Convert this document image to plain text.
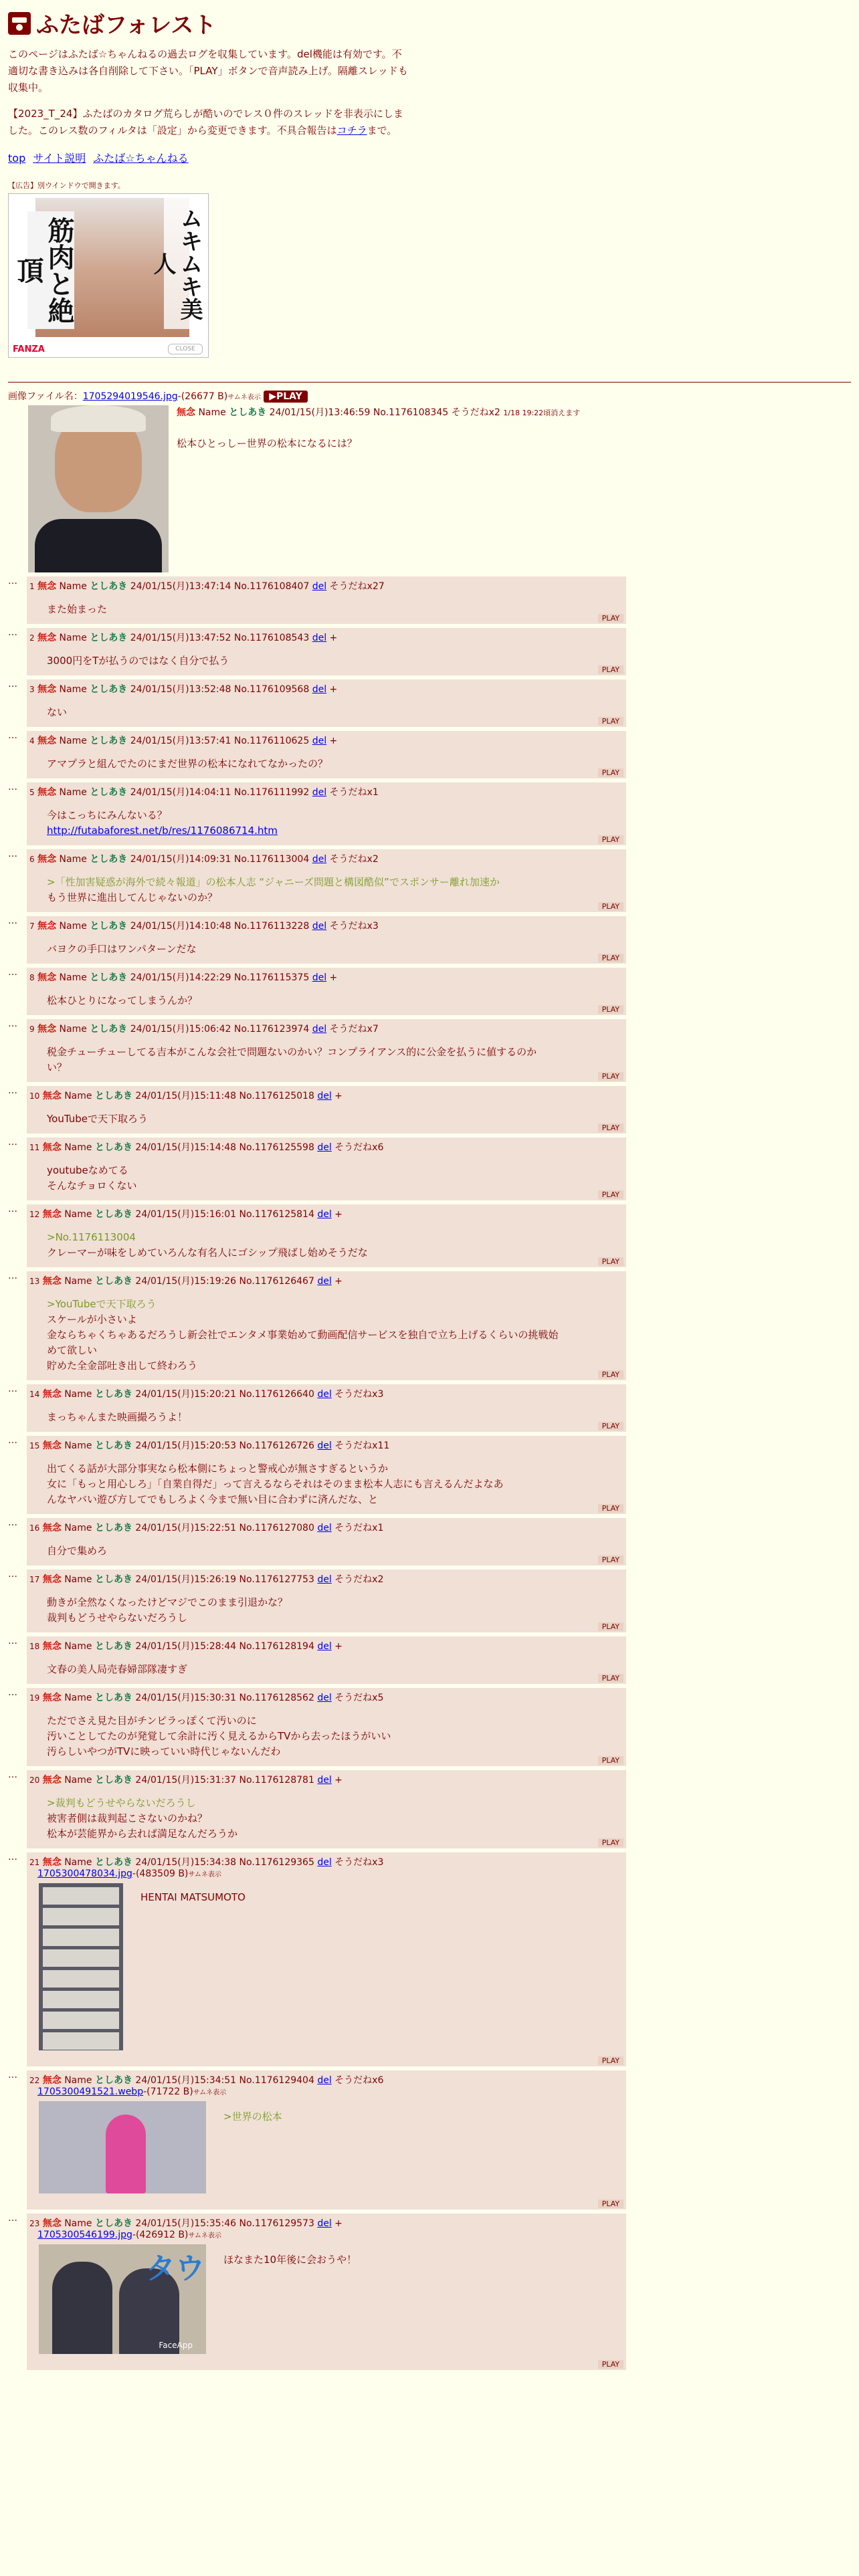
ふたばフォレスト

このページはふたば☆ちゃんねるの過去ログを収集しています。del機能は有効です。不適切な書き込みは各自削除して下さい。「PLAY」ボタンで音声読み上げ。隔離スレッドも収集中。

【2023_T_24】ふたばのカタログ荒らしが酷いのでレス０件のスレッドを非表示にしました。このレス数のフィルタは「設定」から変更できます。不具合報告はコチラまで。

top サイト説明 ふたば☆ちゃんねる
【広告】別ウインドウで開きます。
筋肉と絶頂	ムキムキ美人
FANZA	CLOSE
画像ファイル名：1705294019546.jpg-(26677 B)サムネ表示 ▶PLAY
無念 Name としあき 24/01/15(月)13:46:59 No.1176108345 そうだねx2 1/18 19:22頃消えます
松本ひとっしー世界の松本になるには？
…	1 無念 Name としあき 24/01/15(月)13:47:14 No.1176108407 del そうだねx27
また始まった
PLAY
…	2 無念 Name としあき 24/01/15(月)13:47:52 No.1176108543 del +
3000円をTが払うのではなく自分で払う
PLAY
…	3 無念 Name としあき 24/01/15(月)13:52:48 No.1176109568 del +
ない
PLAY
…	4 無念 Name としあき 24/01/15(月)13:57:41 No.1176110625 del +
アマプラと組んでたのにまだ世界の松本になれてなかったの？
PLAY
…	5 無念 Name としあき 24/01/15(月)14:04:11 No.1176111992 del そうだねx1
今はこっちにみんないる？
http://futabaforest.net/b/res/1176086714.htm

PLAY
…	6 無念 Name としあき 24/01/15(月)14:09:31 No.1176113004 del そうだねx2
>「性加害疑惑が海外で続々報道」の松本人志 “ジャニーズ問題と構図酷似”でスポンサー離れ加速か
もう世界に進出してんじゃないのか？
PLAY
…	7 無念 Name としあき 24/01/15(月)14:10:48 No.1176113228 del そうだねx3
バヨクの手口はワンパターンだな
PLAY
…	8 無念 Name としあき 24/01/15(月)14:22:29 No.1176115375 del +
松本ひとりになってしまうんか？
PLAY
…	9 無念 Name としあき 24/01/15(月)15:06:42 No.1176123974 del そうだねx7
税金チューチューしてる吉本がこんな会社で問題ないのかい？コンプライアンス的に公金を払うに値するのか
い？
PLAY
…	10 無念 Name としあき 24/01/15(月)15:11:48 No.1176125018 del +
YouTubeで天下取ろう
PLAY
…	11 無念 Name としあき 24/01/15(月)15:14:48 No.1176125598 del そうだねx6
youtubeなめてる
そんなチョロくない
PLAY
…	12 無念 Name としあき 24/01/15(月)15:16:01 No.1176125814 del +
>No.1176113004
クレーマーが味をしめていろんな有名人にゴシップ飛ばし始めそうだな
PLAY
…	13 無念 Name としあき 24/01/15(月)15:19:26 No.1176126467 del +
>YouTubeで天下取ろう
スケールが小さいよ
金ならちゃくちゃあるだろうし新会社でエンタメ事業始めて動画配信サービスを独自で立ち上げるくらいの挑戦始
めて欲しい
貯めた全金部吐き出して終わろう
PLAY
…	14 無念 Name としあき 24/01/15(月)15:20:21 No.1176126640 del そうだねx3
まっちゃんまた映画撮ろうよ！
PLAY
…	15 無念 Name としあき 24/01/15(月)15:20:53 No.1176126726 del そうだねx11
出てくる話が大部分事実なら松本側にちょっと警戒心が無さすぎるというか
女に「もっと用心しろ」「自業自得だ」って言えるならそれはそのまま松本人志にも言えるんだよなあ
んなヤバい遊び方してでもしろよく今まで無い目に合わずに済んだな、と
PLAY
…	16 無念 Name としあき 24/01/15(月)15:22:51 No.1176127080 del そうだねx1
自分で集めろ
PLAY
…	17 無念 Name としあき 24/01/15(月)15:26:19 No.1176127753 del そうだねx2
動きが全然なくなったけどマジでこのまま引退かな？
裁判もどうせやらないだろうし
PLAY
…	18 無念 Name としあき 24/01/15(月)15:28:44 No.1176128194 del +
文春の美人局売春婦部隊凄すぎ
PLAY
…	19 無念 Name としあき 24/01/15(月)15:30:31 No.1176128562 del そうだねx5
ただでさえ見た目がチンピラっぽくて汚いのに
汚いことしてたのが発覚して余計に汚く見えるからTVから去ったほうがいい
汚らしいやつがTVに映っていい時代じゃないんだわ
PLAY
…	20 無念 Name としあき 24/01/15(月)15:31:37 No.1176128781 del +
>裁判もどうせやらないだろうし
被害者側は裁判起こさないのかね？
松本が芸能界から去れば満足なんだろうか
PLAY
…	21 無念 Name としあき 24/01/15(月)15:34:38 No.1176129365 del そうだねx3
1705300478034.jpg-(483509 B)サムネ表示
HENTAI MATSUMOTO
PLAY
…	22 無念 Name としあき 24/01/15(月)15:34:51 No.1176129404 del そうだねx6
1705300491521.webp-(71722 B)サムネ表示
>世界の松本
PLAY
…	23 無念 Name としあき 24/01/15(月)15:35:46 No.1176129573 del +
1705300546199.jpg-(426912 B)サムネ表示
タウ
FaceApp
ほなまた10年後に会おうや！
PLAY
